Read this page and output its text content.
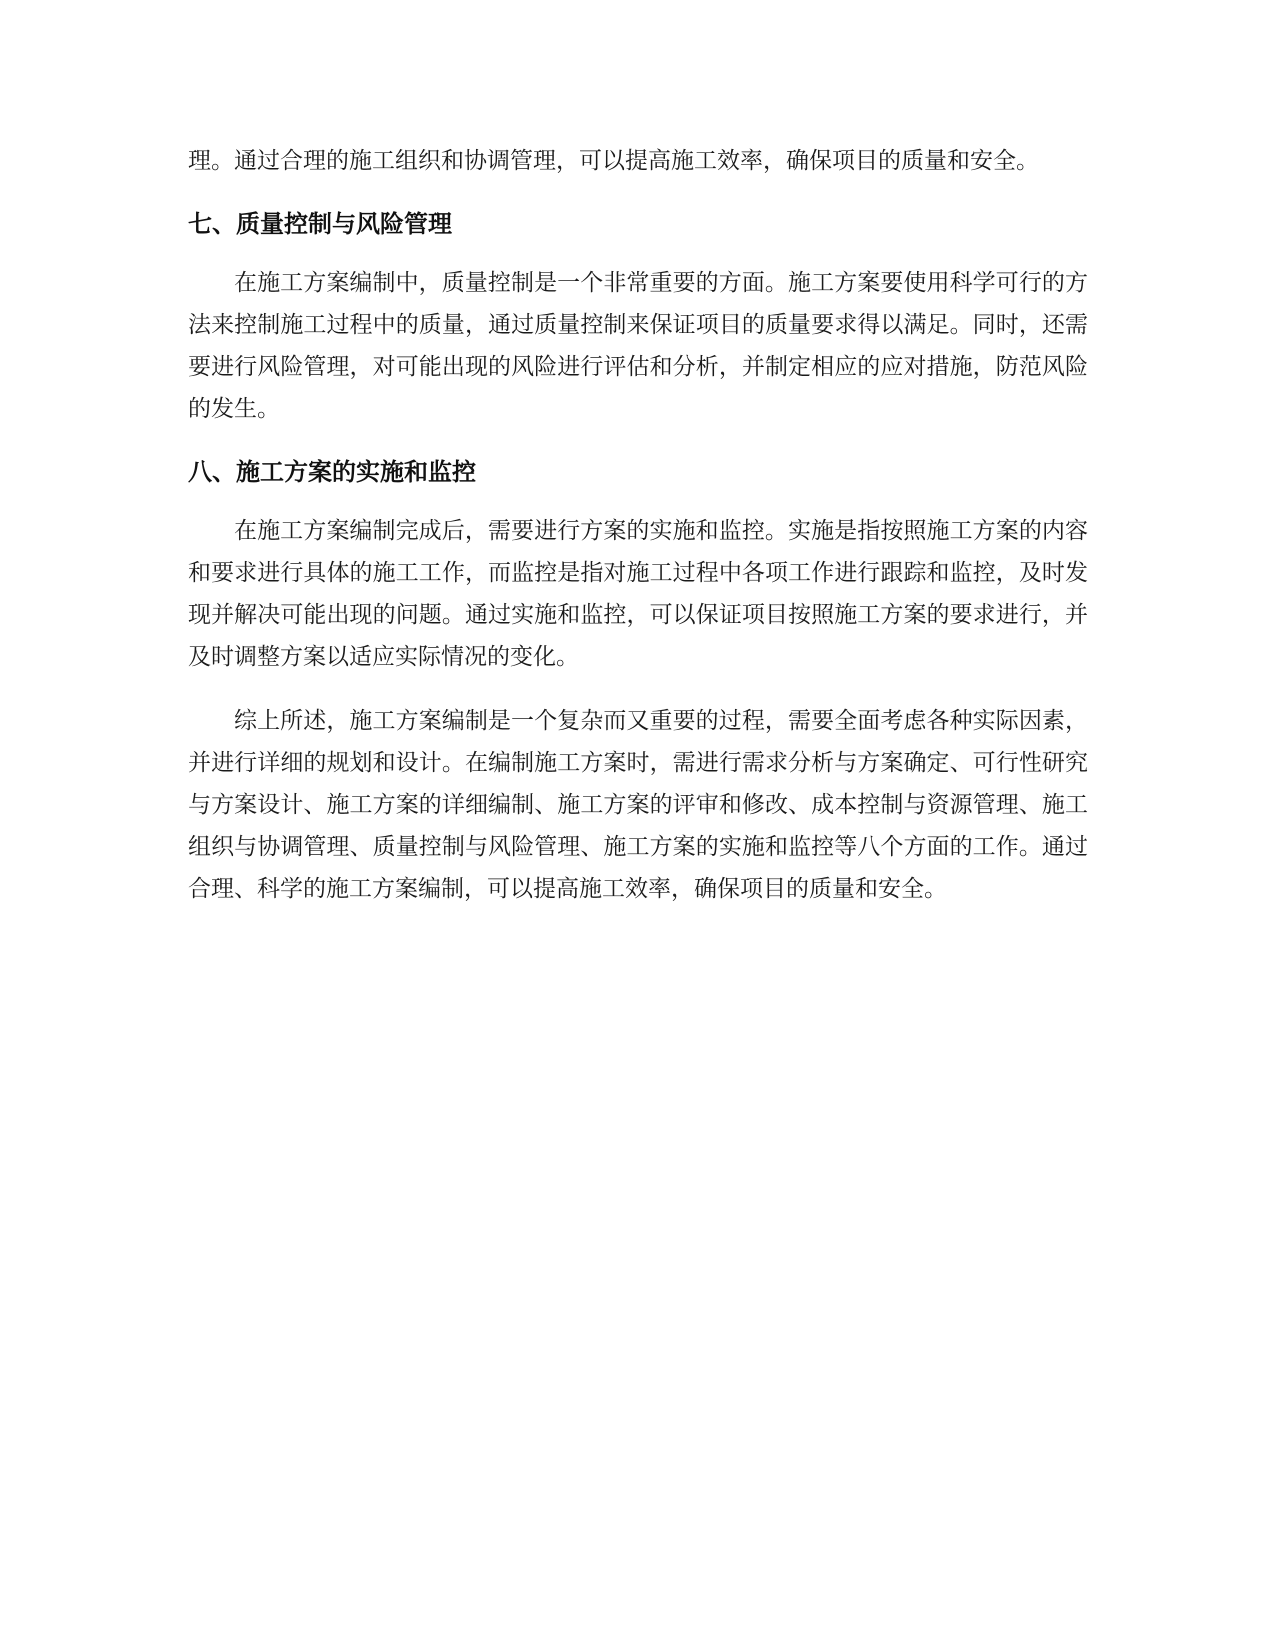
理。通过合理的施工组织和协调管理，可以提高施工效率，确保项目的质量和安全。

七、质量控制与风险管理

在施工方案编制中，质量控制是一个非常重要的方面。施工方案要使用科学可行的方法来控制施工过程中的质量，通过质量控制来保证项目的质量要求得以满足。同时，还需要进行风险管理，对可能出现的风险进行评估和分析，并制定相应的应对措施，防范风险的发生。

八、施工方案的实施和监控

在施工方案编制完成后，需要进行方案的实施和监控。实施是指按照施工方案的内容和要求进行具体的施工工作，而监控是指对施工过程中各项工作进行跟踪和监控，及时发现并解决可能出现的问题。通过实施和监控，可以保证项目按照施工方案的要求进行，并及时调整方案以适应实际情况的变化。

综上所述，施工方案编制是一个复杂而又重要的过程，需要全面考虑各种实际因素，并进行详细的规划和设计。在编制施工方案时，需进行需求分析与方案确定、可行性研究与方案设计、施工方案的详细编制、施工方案的评审和修改、成本控制与资源管理、施工组织与协调管理、质量控制与风险管理、施工方案的实施和监控等八个方面的工作。通过合理、科学的施工方案编制，可以提高施工效率，确保项目的质量和安全。
